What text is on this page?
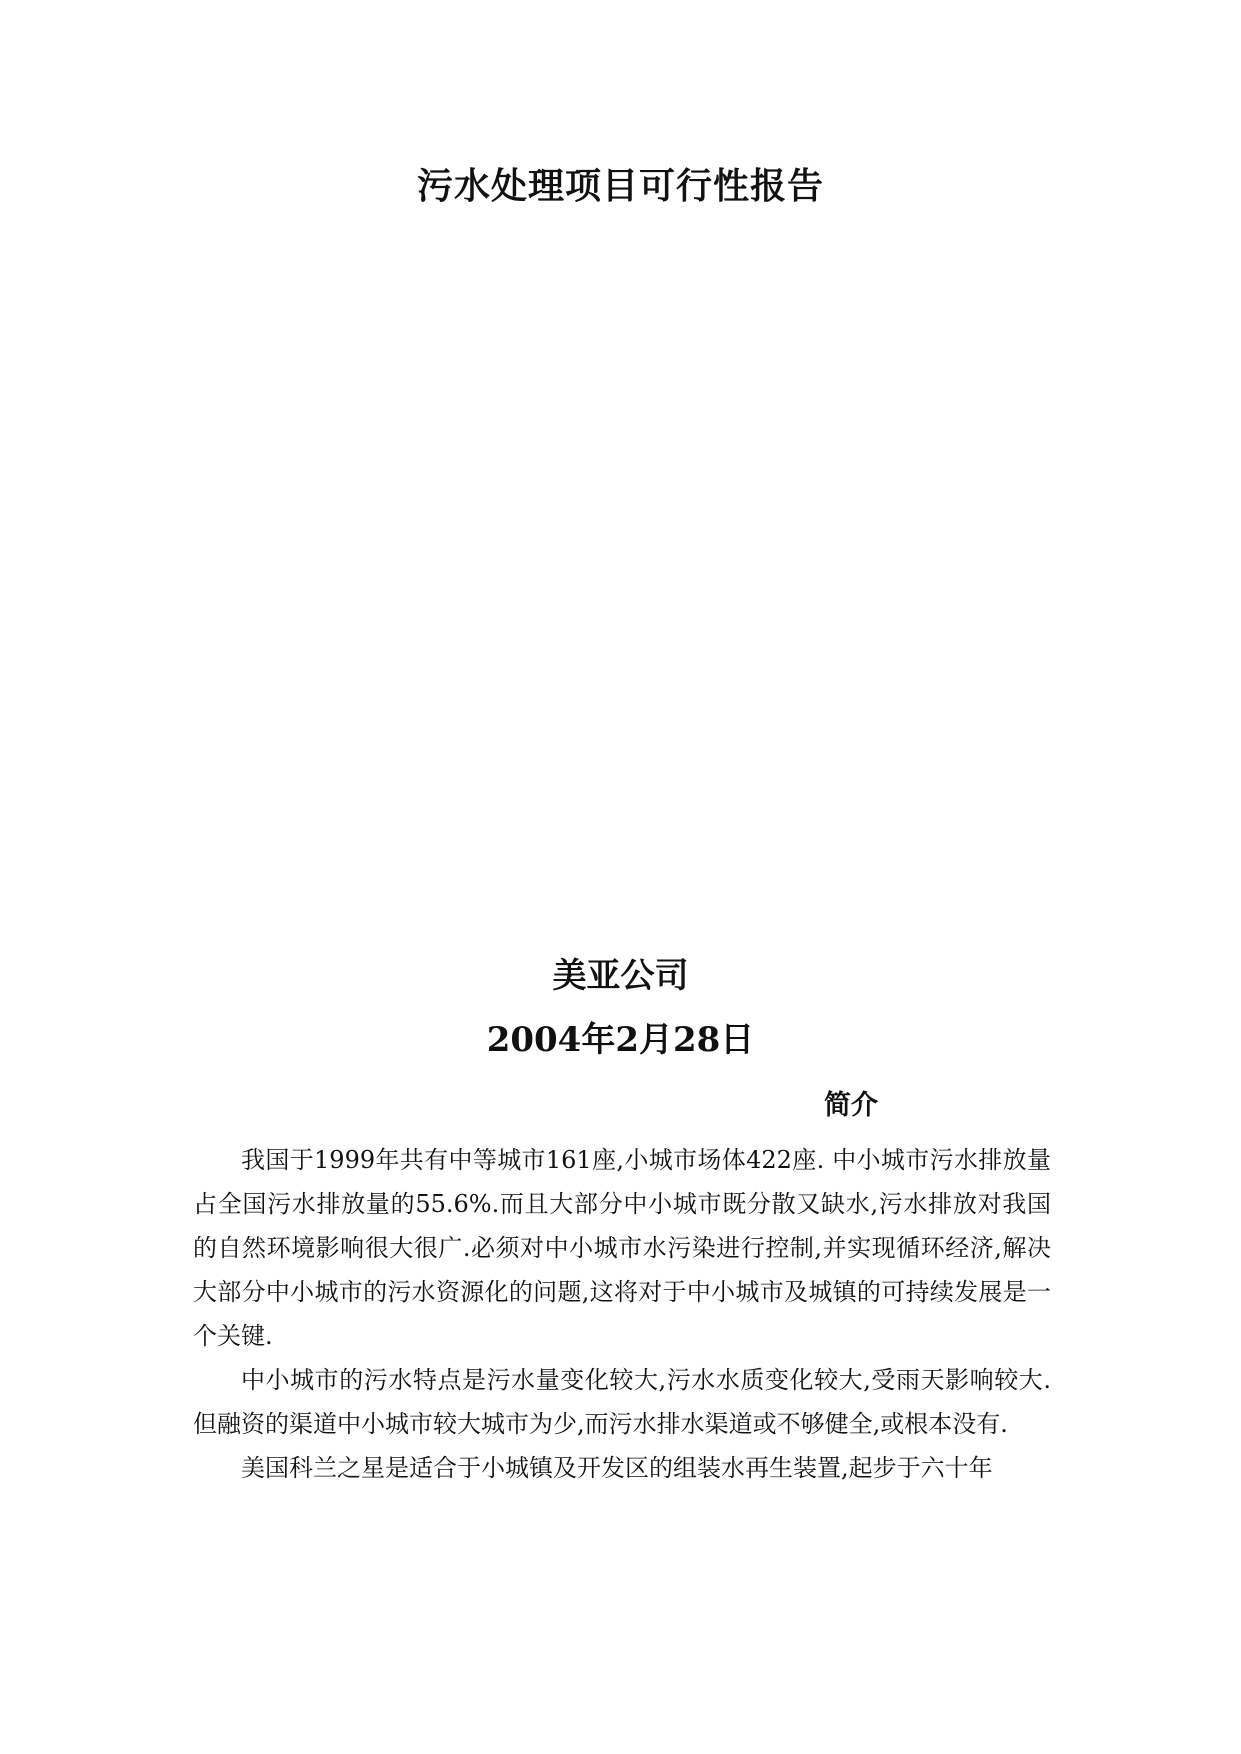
污水处理项目可行性报告
美亚公司
2004年2月28日
简介

我国于1999年共有中等城市161座,小城市场体422座. 中小城市污水排放量占全国污水排放量的55.6%.而且大部分中小城市既分散又缺水,污水排放对我国的自然环境影响很大很广.必须对中小城市水污染进行控制,并实现循环经济,解决大部分中小城市的污水资源化的问题,这将对于中小城市及城镇的可持续发展是一个关键.

中小城市的污水特点是污水量变化较大,污水水质变化较大,受雨天影响较大.但融资的渠道中小城市较大城市为少,而污水排水渠道或不够健全,或根本没有.

美国科兰之星是适合于小城镇及开发区的组装水再生装置,起步于六十年
